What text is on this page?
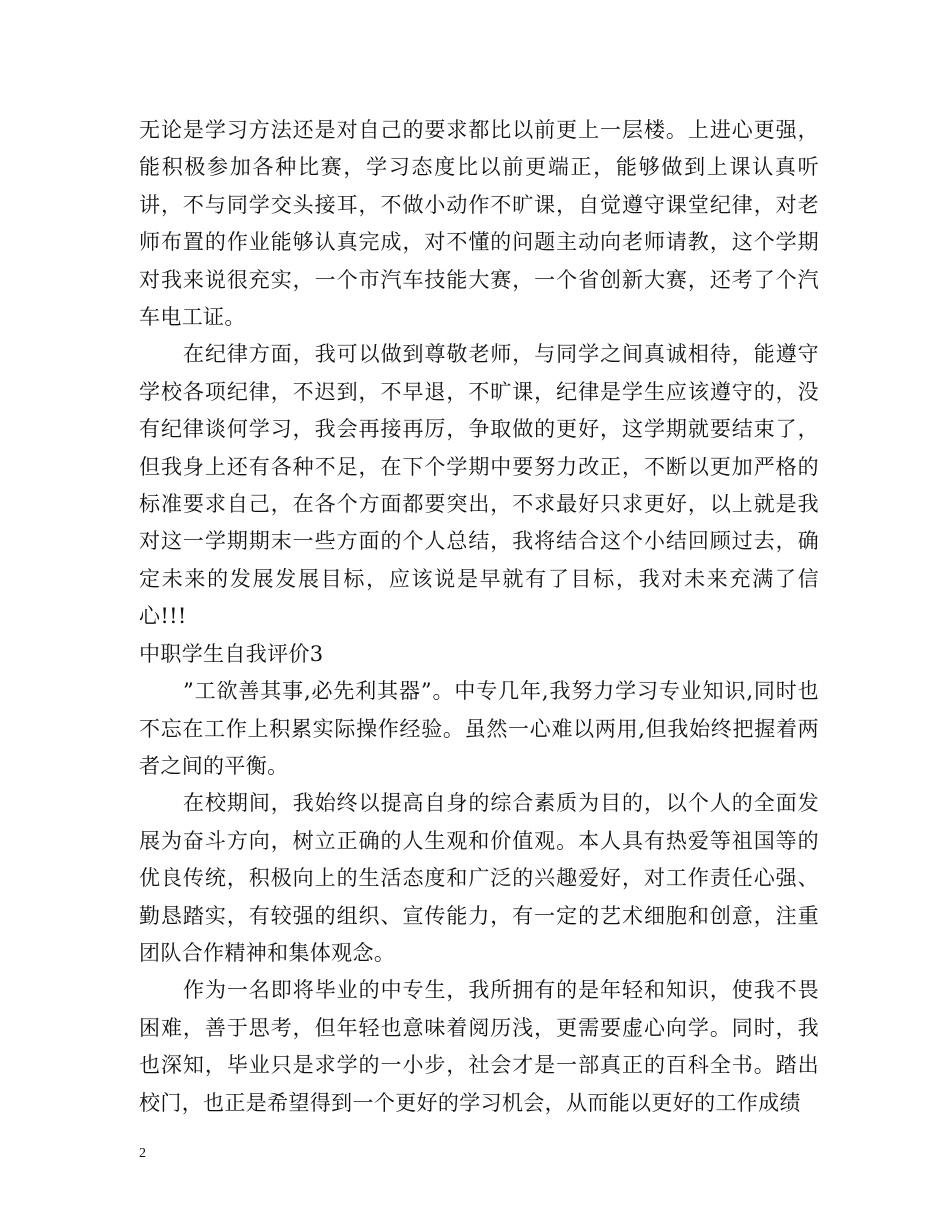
无论是学习方法还是对自己的要求都比以前更上一层楼。上进心更强，能积极参加各种比赛，学习态度比以前更端正，能够做到上课认真听讲，不与同学交头接耳，不做小动作不旷课，自觉遵守课堂纪律，对老师布置的作业能够认真完成，对不懂的问题主动向老师请教，这个学期对我来说很充实，一个市汽车技能大赛，一个省创新大赛，还考了个汽车电工证。

在纪律方面，我可以做到尊敬老师，与同学之间真诚相待，能遵守学校各项纪律，不迟到，不早退，不旷课，纪律是学生应该遵守的，没有纪律谈何学习，我会再接再厉，争取做的更好，这学期就要结束了，但我身上还有各种不足，在下个学期中要努力改正，不断以更加严格的标准要求自己，在各个方面都要突出，不求最好只求更好，以上就是我对这一学期期末一些方面的个人总结，我将结合这个小结回顾过去，确定未来的发展发展目标，应该说是早就有了目标，我对未来充满了信心!!!

中职学生自我评价3

”工欲善其事,必先利其器”。中专几年,我努力学习专业知识,同时也不忘在工作上积累实际操作经验。虽然一心难以两用,但我始终把握着两者之间的平衡。

在校期间，我始终以提高自身的综合素质为目的，以个人的全面发展为奋斗方向，树立正确的人生观和价值观。本人具有热爱等祖国等的优良传统，积极向上的生活态度和广泛的兴趣爱好，对工作责任心强、勤恳踏实，有较强的组织、宣传能力，有一定的艺术细胞和创意，注重团队合作精神和集体观念。

作为一名即将毕业的中专生，我所拥有的是年轻和知识，使我不畏困难，善于思考，但年轻也意味着阅历浅，更需要虚心向学。同时，我也深知，毕业只是求学的一小步，社会才是一部真正的百科全书。踏出校门，也正是希望得到一个更好的学习机会，从而能以更好的工作成绩

2
